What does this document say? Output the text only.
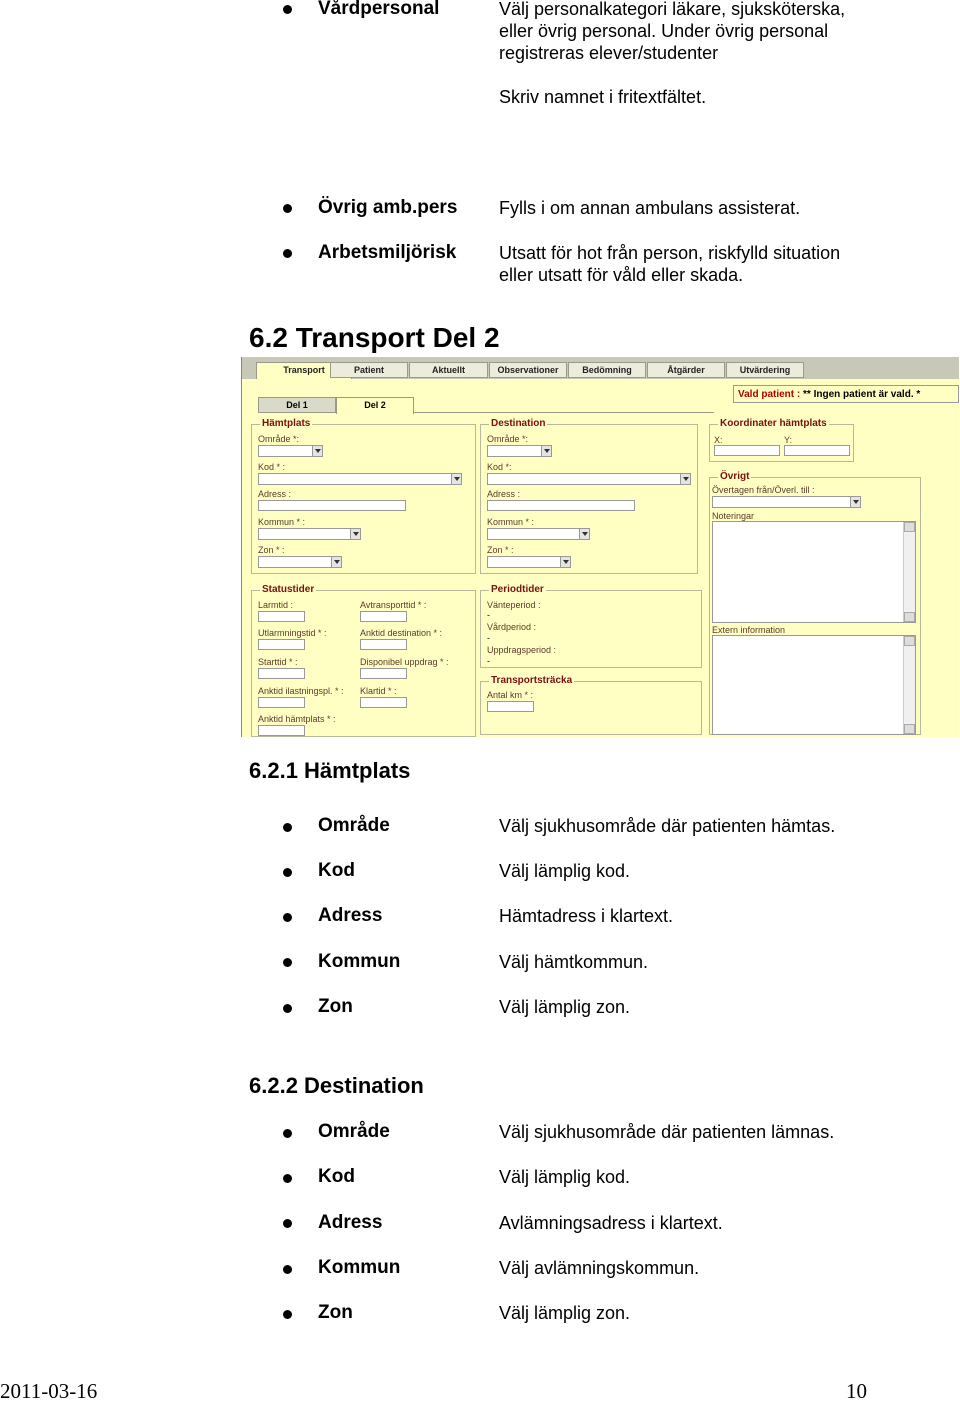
Vårdpersonal	Välj personalkategori läkare, sjuksköterska,
eller övrig personal. Under övrig personal
registreras elever/studenter
Skriv namnet i fritextfältet.
Övrig amb.pers Fylls i om annan ambulans assisterat.
Arbetsmiljörisk Utsatt för hot från person, riskfylld situation
eller utsatt för våld eller skada.
6.2 Transport Del 2
Transport	Patient	Aktuellt	Observationer	Bedömning	Åtgärder	Utvärdering
Del 1	Del 2
Vald patient : ** Ingen patient är vald. *
Hämtplats
Område *:
Kod * :
Adress :
Kommun * :
Zon * :
Destination
Område *:
Kod *:
Adress :
Kommun * :
Zon * :
Koordinater hämtplats
X:	Y:
Övrigt
Övertagen från/Överl. till :
Noteringar
Extern information
Statustider
Larmtid :	Avtransporttid * :
Utlarmningstid * :	Anktid destination * :
Starttid * :	Disponibel uppdrag * :
Anktid ilastningspl. * : Klartid * :
Anktid hämtplats * :
Periodtider
Vänteperiod :
-
Vårdperiod :
-
Uppdragsperiod :
-
Transportsträcka
Antal km * :
6.2.1 Hämtplats
Område	Välj sjukhusområde där patienten hämtas.
Kod	Välj lämplig kod.
Adress	Hämtadress i klartext.
Kommun	Välj hämtkommun.
Zon	Välj lämplig zon.
6.2.2 Destination
Område	Välj sjukhusområde där patienten lämnas.
Kod	Välj lämplig kod.
Adress	Avlämningsadress i klartext.
Kommun	Välj avlämningskommun.
Zon	Välj lämplig zon.
2011-03-16	10
